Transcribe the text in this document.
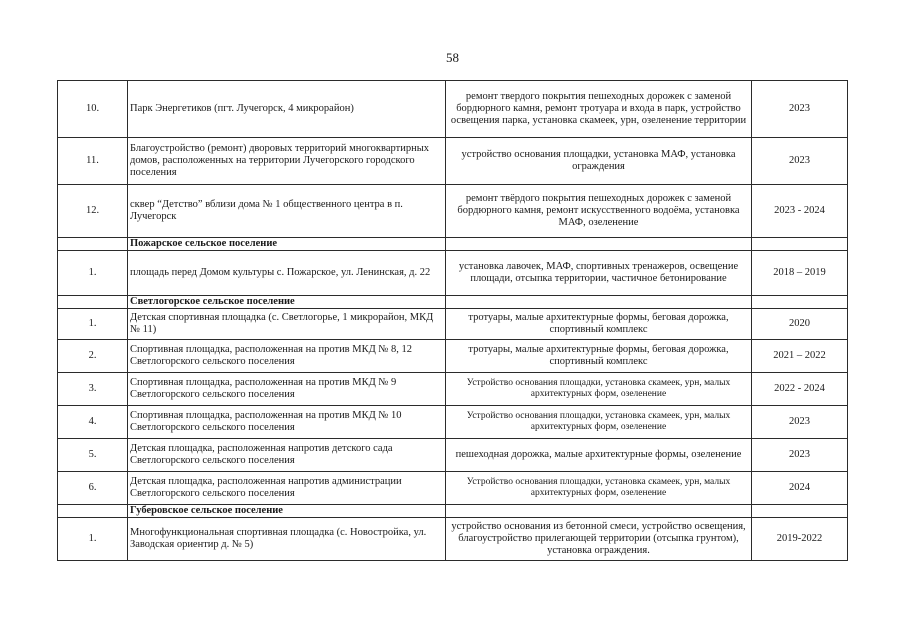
58
10.	Парк Энергетиков (пгт. Лучегорск, 4 микрорайон)	ремонт твердого покрытия пешеходных дорожек с заменой бордюрного камня, ремонт тротуара и входа в парк, устройство освещения парка, установка скамеек, урн, озеленение территории	2023
11.	Благоустройство (ремонт) дворовых территорий многоквартирных домов, расположенных на территории Лучегорского городского поселения	устройство основания площадки, установка МАФ, установка ограждения	2023
12.	сквер “Детство” вблизи дома № 1 общественного центра в п. Лучегорск	ремонт твёрдого покрытия пешеходных дорожек с заменой бордюрного камня, ремонт искусственного водоёма, установка МАФ, озеленение	2023 - 2024
	Пожарское сельское поселение		
1.	площадь перед Домом культуры с. Пожарское, ул. Ленинская, д. 22	установка лавочек, МАФ, спортивных тренажеров, освещение площади, отсыпка территории, частичное бетонирование	2018 – 2019
	Светлогорское сельское поселение		
1.	Детская спортивная площадка (с. Светлогорье, 1 микрорайон, МКД № 11)	тротуары, малые архитектурные формы, беговая дорожка, спортивный комплекс	2020
2.	Спортивная площадка, расположенная на против МКД № 8, 12 Светлогорского сельского поселения	тротуары, малые архитектурные формы, беговая дорожка, спортивный комплекс	2021 – 2022
3.	Спортивная площадка, расположенная на против МКД № 9 Светлогорского сельского поселения	Устройство основания площадки, установка скамеек, урн, малых архитектурных форм, озеленение	2022 - 2024
4.	Спортивная площадка, расположенная на против МКД № 10 Светлогорского сельского поселения	Устройство основания площадки, установка скамеек, урн, малых архитектурных форм, озеленение	2023
5.	Детская площадка, расположенная напротив детского сада Светлогорского сельского поселения	пешеходная дорожка, малые архитектурные формы, озеленение	2023
6.	Детская площадка, расположенная напротив администрации Светлогорского сельского поселения	Устройство основания площадки, установка скамеек, урн, малых архитектурных форм, озеленение	2024
	Губеровское сельское поселение		
1.	Многофункциональная спортивная площадка (с. Новостройка, ул. Заводская ориентир д. № 5)	устройство основания из бетонной смеси, устройство освещения, благоустройство прилегающей территории (отсыпка грунтом), установка ограждения.	2019-2022
